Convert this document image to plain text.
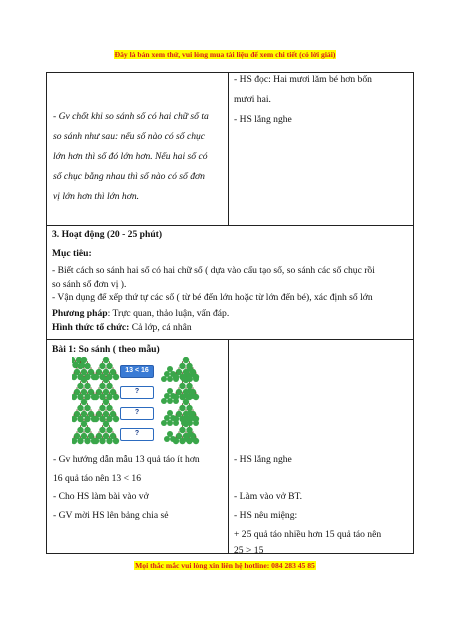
Đây là bản xem thử, vui lòng mua tài liệu để xem chi tiết (có lời giải)
Mọi thắc mắc vui lòng xin liên hệ hotline: 084 283 45 85
- Gv chốt khi so sánh số có hai chữ số ta
so sánh như sau: nếu số nào có số chục
lớn hơn thì số đó lớn hơn. Nếu hai số có
số chục bằng nhau thì số nào có số đơn
vị lớn hơn thì lớn hơn.
- HS đọc: Hai mươi lăm bé hơn bốn
mươi hai.
- HS lắng nghe
3. Hoạt động (20 - 25 phút)
Mục tiêu:
- Biết cách so sánh hai số có hai chữ số ( dựa vào cấu tạo số, so sánh các số chục rồi
so sánh số đơn vị ).
- Vận dụng để xếp thứ tự các số ( từ bé đến lớn hoặc từ lớn đến bé), xác định số lớn
Bài 1: So sánh ( theo mẫu)
13 < 16
?
?
?
- Gv hướng dẫn mẫu 13 quả táo ít hơn
16 quả táo nên 13 < 16
- Cho HS làm bài vào vở
- GV mời HS lên bảng chia sẻ
- HS lắng nghe
- Làm vào vở BT.
- HS nêu miệng:
+ 25 quả táo nhiều hơn 15 quả táo nên
25 > 15
Phương pháp: Trực quan, thảo luận, vấn đáp.
Hình thức tổ chức: Cả lớp, cá nhân
